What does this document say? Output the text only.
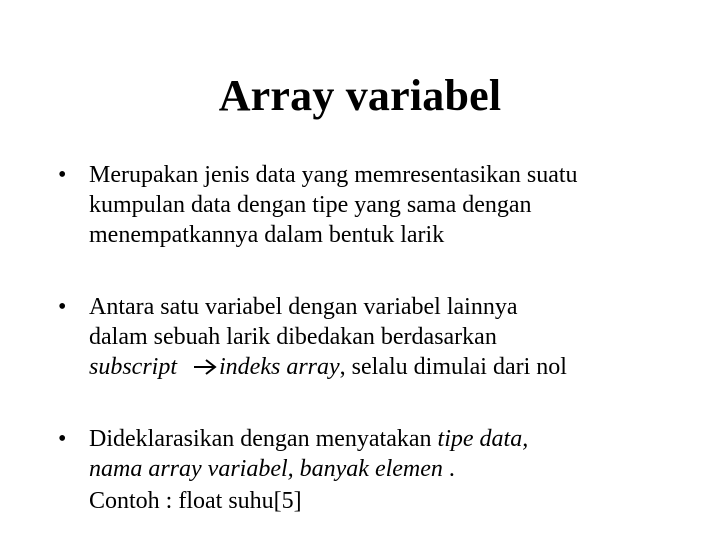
Array variabel
• Merupakan jenis data yang memresentasikan suatu
kumpulan data dengan tipe yang sama dengan
menempatkannya dalam bentuk larik
• Antara satu variabel dengan variabel lainnya
dalam sebuah larik dibedakan berdasarkan
subscript indeks array, selalu dimulai dari nol
• Dideklarasikan dengan menyatakan tipe data,
nama array variabel, banyak elemen .
Contoh : float suhu[5]
